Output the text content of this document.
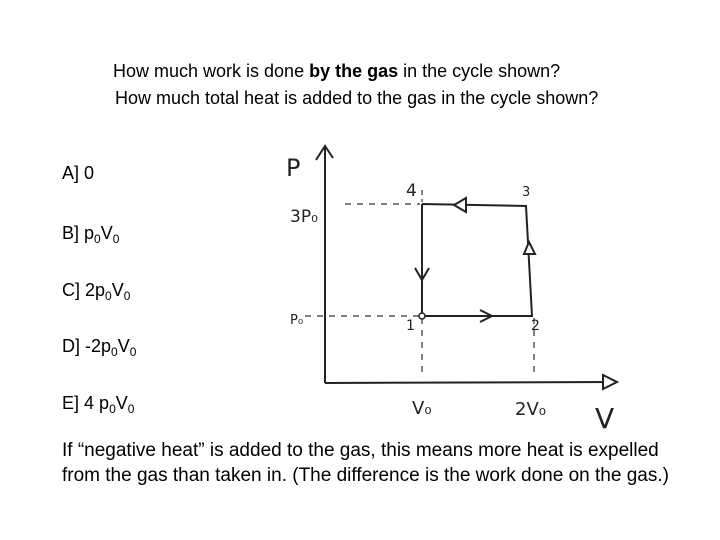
How much work is done by the gas in the cycle shown?
How much total heat is added to the gas in the cycle shown?
A] 0
B] $p_0V_0$
C] $2p_0V_0$
D] $-2p_0V_0$
E] 4 $p_0V_0$
P
V
3P₀
P₀
V₀	2V₀
1	2
3
4
If “negative heat” is added to the gas, this means more heat is expelled from the gas than taken in. (The difference is the work done on the gas.)
